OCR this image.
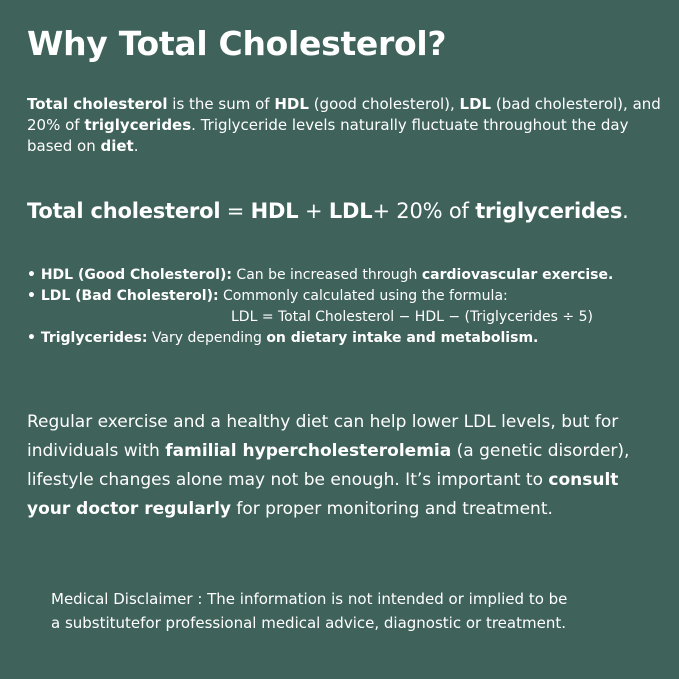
Why Total Cholesterol?

Total cholesterol is the sum of HDL (good cholesterol), LDL (bad cholesterol), and 20% of triglycerides. Triglyceride levels naturally fluctuate throughout the day based on diet.

Total cholesterol = HDL + LDL+ 20% of triglycerides.
• HDL (Good Cholesterol): Can be increased through cardiovascular exercise.
• LDL (Bad Cholesterol): Commonly calculated using the formula:
LDL = Total Cholesterol − HDL − (Triglycerides ÷ 5)
• Triglycerides: Vary depending on dietary intake and metabolism.
Regular exercise and a healthy diet can help lower LDL levels, but for
individuals with familial hypercholesterolemia (a genetic disorder),
lifestyle changes alone may not be enough. It’s important to consult
your doctor regularly for proper monitoring and treatment.
Medical Disclaimer : The information is not intended or implied to be
a substitutefor professional medical advice, diagnostic or treatment.
